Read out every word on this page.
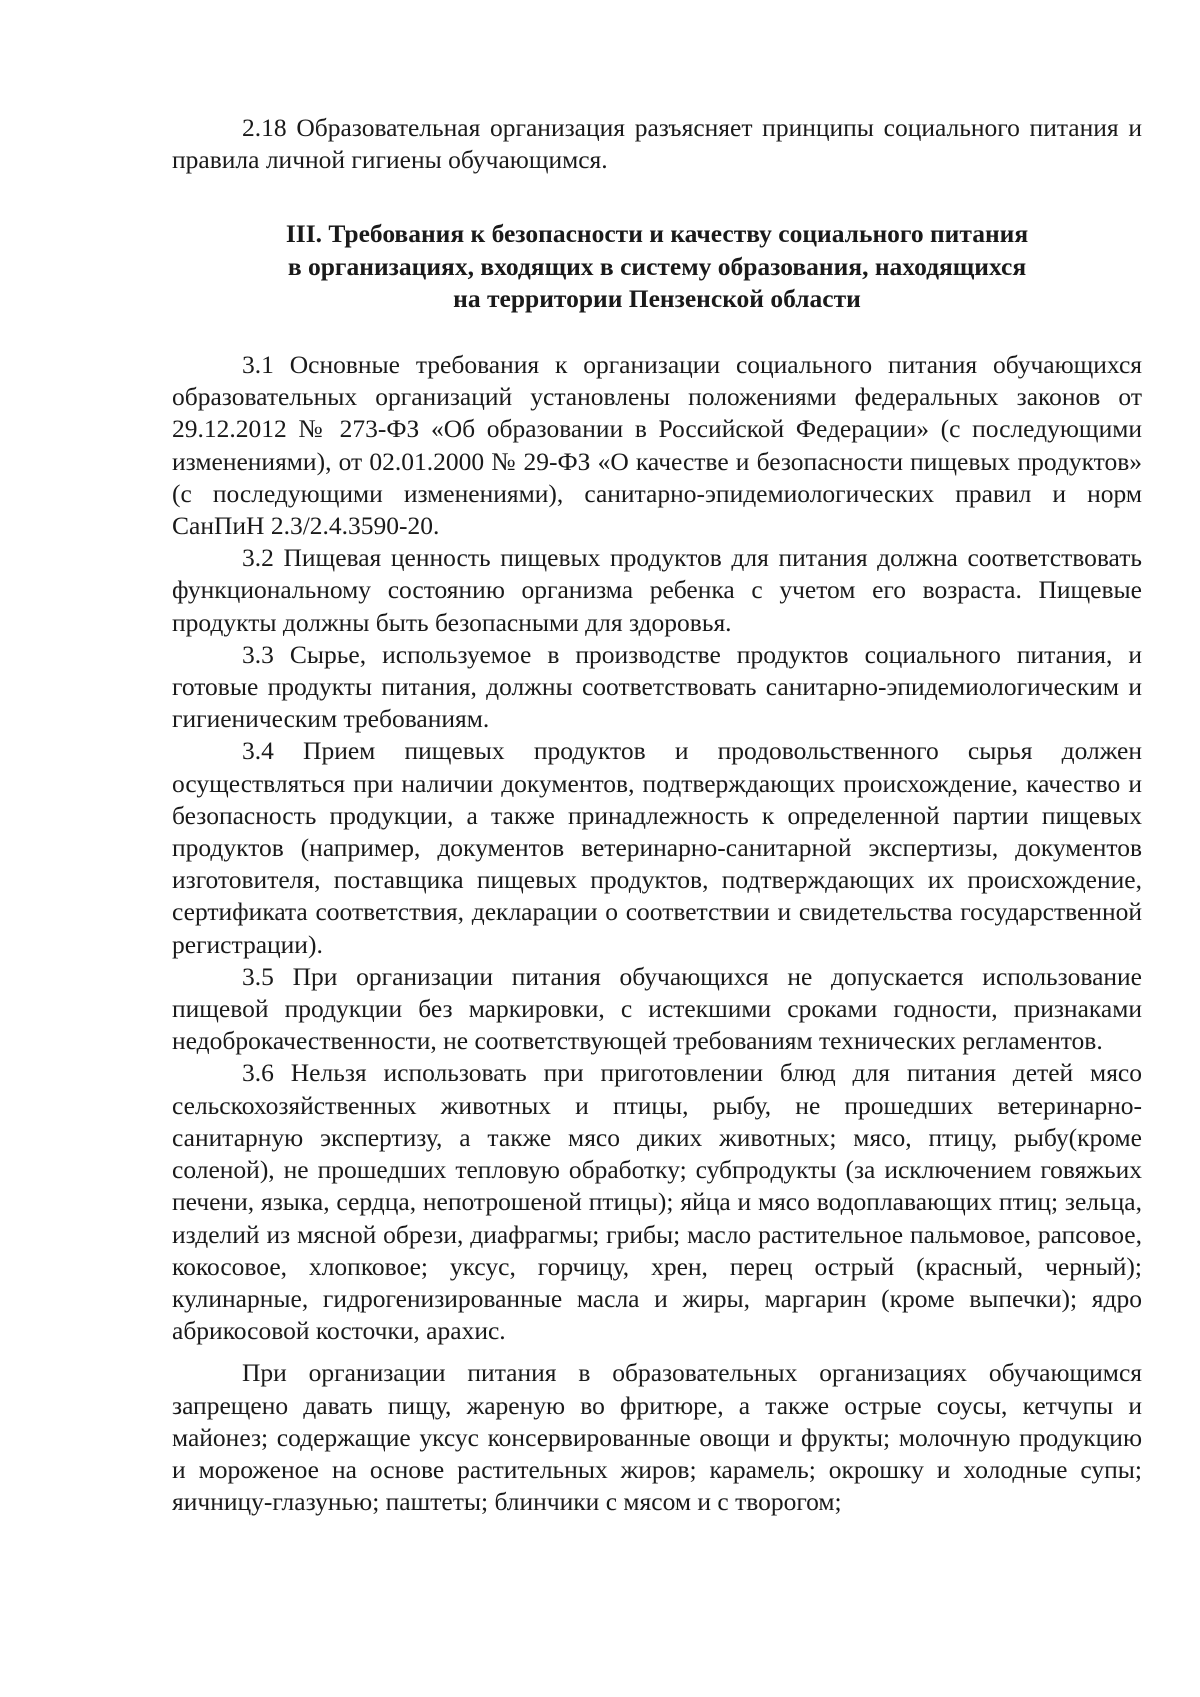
2.18 Образовательная организация разъясняет принципы социального питания и правила личной гигиены обучающимся.

III. Требования к безопасности и качеству социального питания
в организациях, входящих в систему образования, находящихся
на территории Пензенской области

3.1 Основные требования к организации социального питания обучающихся образовательных организаций установлены положениями федеральных законов от 29.12.2012 № 273-ФЗ «Об образовании в Российской Федерации» (с последующими изменениями), от 02.01.2000 № 29-ФЗ «О качестве и безопасности пищевых продуктов» (с последующими изменениями), санитарно-эпидемиологических правил и норм СанПиН 2.3/2.4.3590-20.

3.2 Пищевая ценность пищевых продуктов для питания должна соответствовать функциональному состоянию организма ребенка с учетом его возраста. Пищевые продукты должны быть безопасными для здоровья.

3.3 Сырье, используемое в производстве продуктов социального питания, и готовые продукты питания, должны соответствовать санитарно-эпидемиологическим и гигиеническим требованиям.

3.4 Прием пищевых продуктов и продовольственного сырья должен осуществляться при наличии документов, подтверждающих происхождение, качество и безопасность продукции, а также принадлежность к определенной партии пищевых продуктов (например, документов ветеринарно-санитарной экспертизы, документов изготовителя, поставщика пищевых продуктов, подтверждающих их происхождение, сертификата соответствия, декларации о соответствии и свидетельства государственной регистрации).

3.5 При организации питания обучающихся не допускается использование пищевой продукции без маркировки, с истекшими сроками годности, признаками недоброкачественности, не соответствующей требованиям технических регламентов.

3.6 Нельзя использовать при приготовлении блюд для питания детей мясо сельскохозяйственных животных и птицы, рыбу, не прошедших ветеринарно-санитарную экспертизу, а также мясо диких животных; мясо, птицу, рыбу(кроме соленой), не прошедших тепловую обработку; субпродукты (за исключением говяжьих печени, языка, сердца, непотрошеной птицы); яйца и мясо водоплавающих птиц; зельца, изделий из мясной обрези, диафрагмы; грибы; масло растительное пальмовое, рапсовое, кокосовое, хлопковое; уксус, горчицу, хрен, перец острый (красный, черный); кулинарные, гидрогенизированные масла и жиры, маргарин (кроме выпечки); ядро абрикосовой косточки, арахис.

При организации питания в образовательных организациях обучающимся запрещено давать пищу, жареную во фритюре, а также острые соусы, кетчупы и майонез; содержащие уксус консервированные овощи и фрукты; молочную продукцию и мороженое на основе растительных жиров; карамель; окрошку и холодные супы; яичницу-глазунью; паштеты; блинчики с мясом и с творогом;
